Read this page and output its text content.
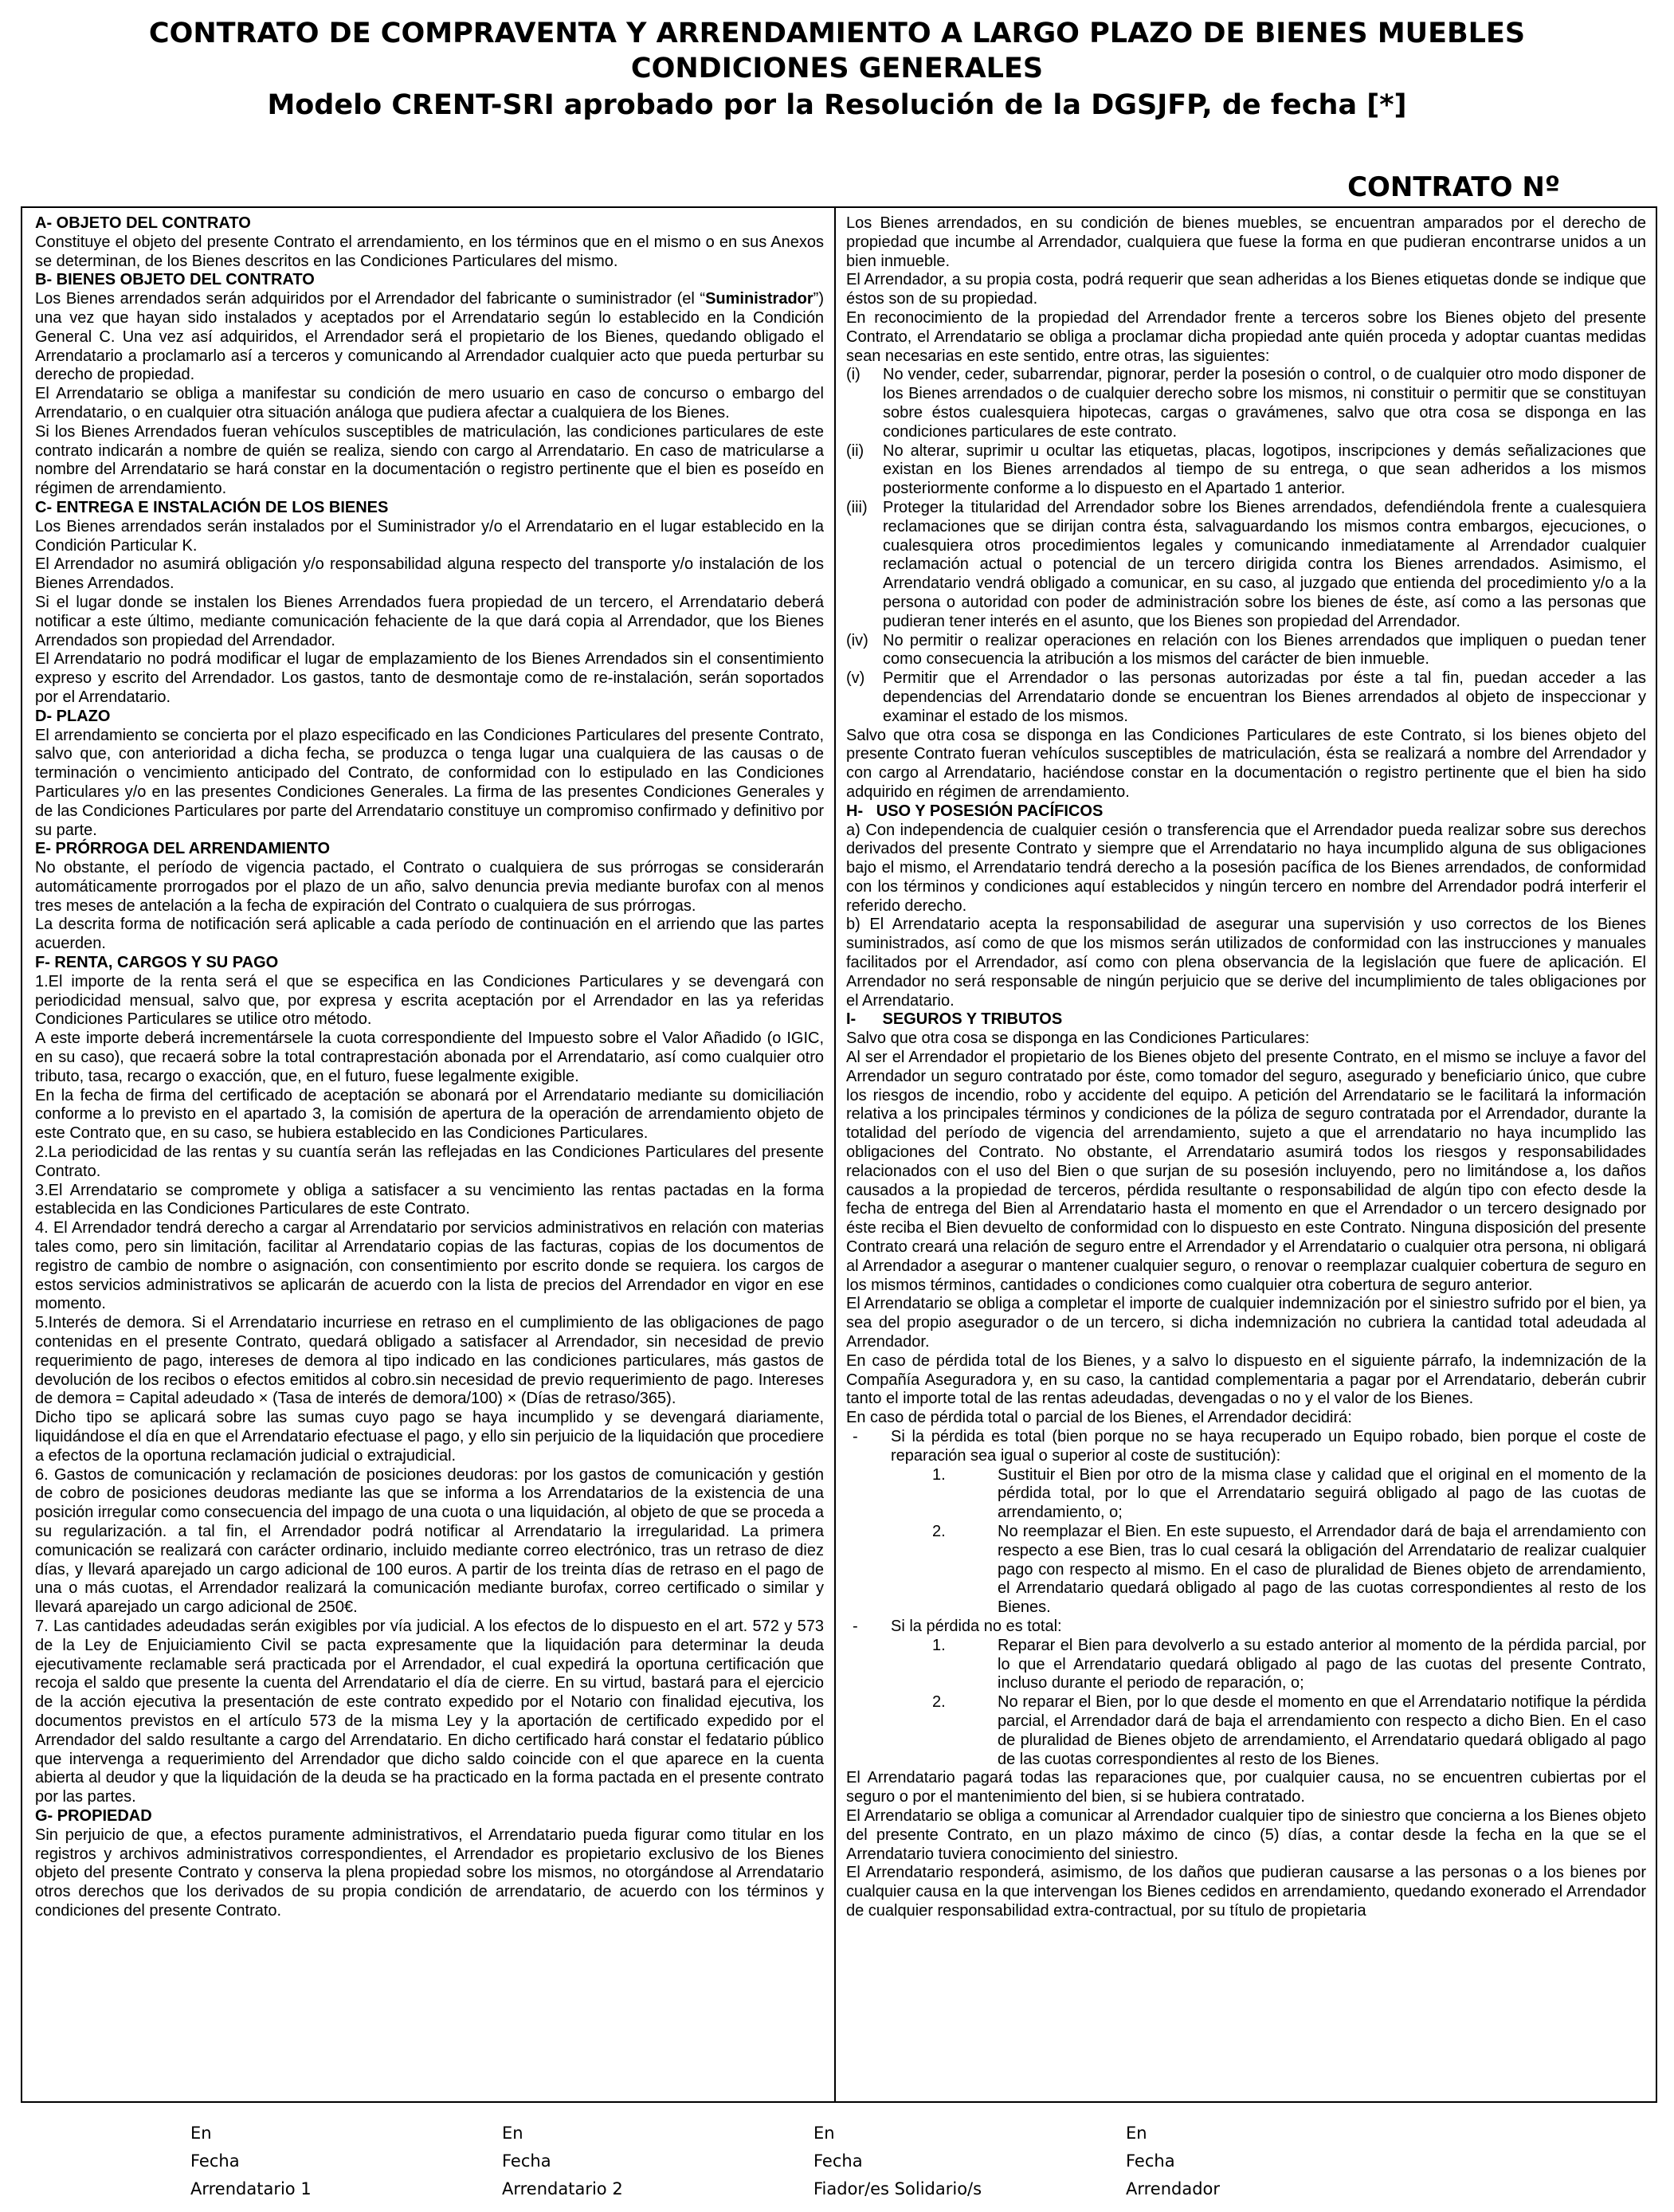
CONTRATO DE COMPRAVENTA Y ARRENDAMIENTO A LARGO PLAZO DE BIENES MUEBLES

CONDICIONES GENERALES

Modelo CRENT-SRI aprobado por la Resolución de la DGSJFP, de fecha [*]

CONTRATO Nº

A- OBJETO DEL CONTRATO

Constituye el objeto del presente Contrato el arrendamiento, en los términos que en el mismo o en sus Anexos se determinan, de los Bienes descritos en las Condiciones Particulares del mismo.

B- BIENES OBJETO DEL CONTRATO

Los Bienes arrendados serán adquiridos por el Arrendador del fabricante o suministrador (el “Suministrador”) una vez que hayan sido instalados y aceptados por el Arrendatario según lo establecido en la Condición General C. Una vez así adquiridos, el Arrendador será el propietario de los Bienes, quedando obligado el Arrendatario a proclamarlo así a terceros y comunicando al Arrendador cualquier acto que pueda perturbar su derecho de propiedad.

El Arrendatario se obliga a manifestar su condición de mero usuario en caso de concurso o embargo del Arrendatario, o en cualquier otra situación análoga que pudiera afectar a cualquiera de los Bienes.

Si los Bienes Arrendados fueran vehículos susceptibles de matriculación, las condiciones particulares de este contrato indicarán a nombre de quién se realiza, siendo con cargo al Arrendatario. En caso de matricularse a nombre del Arrendatario se hará constar en la documentación o registro pertinente que el bien es poseído en régimen de arrendamiento.

C- ENTREGA E INSTALACIÓN DE LOS BIENES

Los Bienes arrendados serán instalados por el Suministrador y/o el Arrendatario en el lugar establecido en la Condición Particular K.

El Arrendador no asumirá obligación y/o responsabilidad alguna respecto del transporte y/o instalación de los Bienes Arrendados.

Si el lugar donde se instalen los Bienes Arrendados fuera propiedad de un tercero, el Arrendatario deberá notificar a este último, mediante comunicación fehaciente de la que dará copia al Arrendador, que los Bienes Arrendados son propiedad del Arrendador.

El Arrendatario no podrá modificar el lugar de emplazamiento de los Bienes Arrendados sin el consentimiento expreso y escrito del Arrendador. Los gastos, tanto de desmontaje como de re-instalación, serán soportados por el Arrendatario.

D- PLAZO

El arrendamiento se concierta por el plazo especificado en las Condiciones Particulares del presente Contrato, salvo que, con anterioridad a dicha fecha, se produzca o tenga lugar una cualquiera de las causas o de terminación o vencimiento anticipado del Contrato, de conformidad con lo estipulado en las Condiciones Particulares y/o en las presentes Condiciones Generales. La firma de las presentes Condiciones Generales y de las Condiciones Particulares por parte del Arrendatario constituye un compromiso confirmado y definitivo por su parte.

E- PRÓRROGA DEL ARRENDAMIENTO

No obstante, el período de vigencia pactado, el Contrato o cualquiera de sus prórrogas se considerarán automáticamente prorrogados por el plazo de un año, salvo denuncia previa mediante burofax con al menos tres meses de antelación a la fecha de expiración del Contrato o cualquiera de sus prórrogas.

La descrita forma de notificación será aplicable a cada período de continuación en el arriendo que las partes acuerden.

F- RENTA, CARGOS Y SU PAGO

1.El importe de la renta será el que se especifica en las Condiciones Particulares y se devengará con periodicidad mensual, salvo que, por expresa y escrita aceptación por el Arrendador en las ya referidas Condiciones Particulares se utilice otro método.

A este importe deberá incrementársele la cuota correspondiente del Impuesto sobre el Valor Añadido (o IGIC, en su caso), que recaerá sobre la total contraprestación abonada por el Arrendatario, así como cualquier otro tributo, tasa, recargo o exacción, que, en el futuro, fuese legalmente exigible.

En la fecha de firma del certificado de aceptación se abonará por el Arrendatario mediante su domiciliación conforme a lo previsto en el apartado 3, la comisión de apertura de la operación de arrendamiento objeto de este Contrato que, en su caso, se hubiera establecido en las Condiciones Particulares.

2.La periodicidad de las rentas y su cuantía serán las reflejadas en las Condiciones Particulares del presente Contrato.

3.El Arrendatario se compromete y obliga a satisfacer a su vencimiento las rentas pactadas en la forma establecida en las Condiciones Particulares de este Contrato.

4. El Arrendador tendrá derecho a cargar al Arrendatario por servicios administrativos en relación con materias tales como, pero sin limitación, facilitar al Arrendatario copias de las facturas, copias de los documentos de registro de cambio de nombre o asignación, con consentimiento por escrito donde se requiera. los cargos de estos servicios administrativos se aplicarán de acuerdo con la lista de precios del Arrendador en vigor en ese momento.

5.Interés de demora. Si el Arrendatario incurriese en retraso en el cumplimiento de las obligaciones de pago contenidas en el presente Contrato, quedará obligado a satisfacer al Arrendador, sin necesidad de previo requerimiento de pago, intereses de demora al tipo indicado en las condiciones particulares, más gastos de devolución de los recibos o efectos emitidos al cobro.sin necesidad de previo requerimiento de pago. Intereses de demora = Capital adeudado × (Tasa de interés de demora/100) × (Días de retraso/365).

Dicho tipo se aplicará sobre las sumas cuyo pago se haya incumplido y se devengará diariamente, liquidándose el día en que el Arrendatario efectuase el pago, y ello sin perjuicio de la liquidación que procediere a efectos de la oportuna reclamación judicial o extrajudicial.

6. Gastos de comunicación y reclamación de posiciones deudoras: por los gastos de comunicación y gestión de cobro de posiciones deudoras mediante las que se informa a los Arrendatarios de la existencia de una posición irregular como consecuencia del impago de una cuota o una liquidación, al objeto de que se proceda a su regularización. a tal fin, el Arrendador podrá notificar al Arrendatario la irregularidad. La primera comunicación se realizará con carácter ordinario, incluido mediante correo electrónico, tras un retraso de diez días, y llevará aparejado un cargo adicional de 100 euros. A partir de los treinta días de retraso en el pago de una o más cuotas, el Arrendador realizará la comunicación mediante burofax, correo certificado o similar y llevará aparejado un cargo adicional de 250€.

7. Las cantidades adeudadas serán exigibles por vía judicial. A los efectos de lo dispuesto en el art. 572 y 573 de la Ley de Enjuiciamiento Civil se pacta expresamente que la liquidación para determinar la deuda ejecutivamente reclamable será practicada por el Arrendador, el cual expedirá la oportuna certificación que recoja el saldo que presente la cuenta del Arrendatario el día de cierre. En su virtud, bastará para el ejercicio de la acción ejecutiva la presentación de este contrato expedido por el Notario con finalidad ejecutiva, los documentos previstos en el artículo 573 de la misma Ley y la aportación de certificado expedido por el Arrendador del saldo resultante a cargo del Arrendatario. En dicho certificado hará constar el fedatario público que intervenga a requerimiento del Arrendador que dicho saldo coincide con el que aparece en la cuenta abierta al deudor y que la liquidación de la deuda se ha practicado en la forma pactada en el presente contrato por las partes.

G- PROPIEDAD

Sin perjuicio de que, a efectos puramente administrativos, el Arrendatario pueda figurar como titular en los registros y archivos administrativos correspondientes, el Arrendador es propietario exclusivo de los Bienes objeto del presente Contrato y conserva la plena propiedad sobre los mismos, no otorgándose al Arrendatario otros derechos que los derivados de su propia condición de arrendatario, de acuerdo con los términos y condiciones del presente Contrato.

Los Bienes arrendados, en su condición de bienes muebles, se encuentran amparados por el derecho de propiedad que incumbe al Arrendador, cualquiera que fuese la forma en que pudieran encontrarse unidos a un bien inmueble.

El Arrendador, a su propia costa, podrá requerir que sean adheridas a los Bienes etiquetas donde se indique que éstos son de su propiedad.

En reconocimiento de la propiedad del Arrendador frente a terceros sobre los Bienes objeto del presente Contrato, el Arrendatario se obliga a proclamar dicha propiedad ante quién proceda y adoptar cuantas medidas sean necesarias en este sentido, entre otras, las siguientes:

(i)	No vender, ceder, subarrendar, pignorar, perder la posesión o control, o de cualquier otro modo disponer de los Bienes arrendados o de cualquier derecho sobre los mismos, ni constituir o permitir que se constituyan sobre éstos cualesquiera hipotecas, cargas o gravámenes, salvo que otra cosa se disponga en las condiciones particulares de este contrato.
(ii)	No alterar, suprimir u ocultar las etiquetas, placas, logotipos, inscripciones y demás señalizaciones que existan en los Bienes arrendados al tiempo de su entrega, o que sean adheridos a los mismos posteriormente conforme a lo dispuesto en el Apartado 1 anterior.
(iii) Proteger la titularidad del Arrendador sobre los Bienes arrendados, defendiéndola frente a cualesquiera reclamaciones que se dirijan contra ésta, salvaguardando los mismos contra embargos, ejecuciones, o cualesquiera otros procedimientos legales y comunicando inmediatamente al Arrendador cualquier reclamación actual o potencial de un tercero dirigida contra los Bienes arrendados. Asimismo, el Arrendatario vendrá obligado a comunicar, en su caso, al juzgado que entienda del procedimiento y/o a la persona o autoridad con poder de administración sobre los bienes de éste, así como a las personas que pudieran tener interés en el asunto, que los Bienes son propiedad del Arrendador.
(iv) No permitir o realizar operaciones en relación con los Bienes arrendados que impliquen o puedan tener como consecuencia la atribución a los mismos del carácter de bien inmueble.
(v)	Permitir que el Arrendador o las personas autorizadas por éste a tal fin, puedan acceder a las dependencias del Arrendatario donde se encuentran los Bienes arrendados al objeto de inspeccionar y examinar el estado de los mismos.

Salvo que otra cosa se disponga en las Condiciones Particulares de este Contrato, si los bienes objeto del presente Contrato fueran vehículos susceptibles de matriculación, ésta se realizará a nombre del Arrendador y con cargo al Arrendatario, haciéndose constar en la documentación o registro pertinente que el bien ha sido adquirido en régimen de arrendamiento.

H-   USO Y POSESIÓN PACÍFICOS

a) Con independencia de cualquier cesión o transferencia que el Arrendador pueda realizar sobre sus derechos derivados del presente Contrato y siempre que el Arrendatario no haya incumplido alguna de sus obligaciones bajo el mismo, el Arrendatario tendrá derecho a la posesión pacífica de los Bienes arrendados, de conformidad con los términos y condiciones aquí establecidos y ningún tercero en nombre del Arrendador podrá interferir el referido derecho.

b) El Arrendatario acepta la responsabilidad de asegurar una supervisión y uso correctos de los Bienes suministrados, así como de que los mismos serán utilizados de conformidad con las instrucciones y manuales facilitados por el Arrendador, así como con plena observancia de la legislación que fuere de aplicación. El Arrendador no será responsable de ningún perjuicio que se derive del incumplimiento de tales obligaciones por el Arrendatario.

I-      SEGUROS Y TRIBUTOS

Salvo que otra cosa se disponga en las Condiciones Particulares:

Al ser el Arrendador el propietario de los Bienes objeto del presente Contrato, en el mismo se incluye a favor del Arrendador un seguro contratado por éste, como tomador del seguro, asegurado y beneficiario único, que cubre los riesgos de incendio, robo y accidente del equipo. A petición del Arrendatario se le facilitará la información relativa a los principales términos y condiciones de la póliza de seguro contratada por el Arrendador, durante la totalidad del período de vigencia del arrendamiento, sujeto a que el arrendatario no haya incumplido las obligaciones del Contrato. No obstante, el Arrendatario asumirá todos los riesgos y responsabilidades relacionados con el uso del Bien o que surjan de su posesión incluyendo, pero no limitándose a, los daños causados a la propiedad de terceros, pérdida resultante o responsabilidad de algún tipo con efecto desde la fecha de entrega del Bien al Arrendatario hasta el momento en que el Arrendador o un tercero designado por éste reciba el Bien devuelto de conformidad con lo dispuesto en este Contrato. Ninguna disposición del presente Contrato creará una relación de seguro entre el Arrendador y el Arrendatario o cualquier otra persona, ni obligará al Arrendador a asegurar o mantener cualquier seguro, o renovar o reemplazar cualquier cobertura de seguro en los mismos términos, cantidades o condiciones como cualquier otra cobertura de seguro anterior.

El Arrendatario se obliga a completar el importe de cualquier indemnización por el siniestro sufrido por el bien, ya sea del propio asegurador o de un tercero, si dicha indemnización no cubriera la cantidad total adeudada al Arrendador.

En caso de pérdida total de los Bienes, y a salvo lo dispuesto en el siguiente párrafo, la indemnización de la Compañía Aseguradora y, en su caso, la cantidad complementaria a pagar por el Arrendatario, deberán cubrir tanto el importe total de las rentas adeudadas, devengadas o no y el valor de los Bienes.

En caso de pérdida total o parcial de los Bienes, el Arrendador decidirá:

-	Si la pérdida es total (bien porque no se haya recuperado un Equipo robado, bien porque el coste de reparación sea igual o superior al coste de sustitución):
1.	Sustituir el Bien por otro de la misma clase y calidad que el original en el momento de la pérdida total, por lo que el Arrendatario seguirá obligado al pago de las cuotas de arrendamiento, o;
2.	No reemplazar el Bien. En este supuesto, el Arrendador dará de baja el arrendamiento con respecto a ese Bien, tras lo cual cesará la obligación del Arrendatario de realizar cualquier pago con respecto al mismo. En el caso de pluralidad de Bienes objeto de arrendamiento, el Arrendatario quedará obligado al pago de las cuotas correspondientes al resto de los Bienes.
-	Si la pérdida no es total:
1.	Reparar el Bien para devolverlo a su estado anterior al momento de la pérdida parcial, por lo que el Arrendatario quedará obligado al pago de las cuotas del presente Contrato, incluso durante el periodo de reparación, o;
2.	No reparar el Bien, por lo que desde el momento en que el Arrendatario notifique la pérdida parcial, el Arrendador dará de baja el arrendamiento con respecto a dicho Bien. En el caso de pluralidad de Bienes objeto de arrendamiento, el Arrendatario quedará obligado al pago de las cuotas correspondientes al resto de los Bienes.

El Arrendatario pagará todas las reparaciones que, por cualquier causa, no se encuentren cubiertas por el seguro o por el mantenimiento del bien, si se hubiera contratado.

El Arrendatario se obliga a comunicar al Arrendador cualquier tipo de siniestro que concierna a los Bienes objeto del presente Contrato, en un plazo máximo de cinco (5) días, a contar desde la fecha en la que se el Arrendatario tuviera conocimiento del siniestro.

El Arrendatario responderá, asimismo, de los daños que pudieran causarse a las personas o a los bienes por cualquier causa en la que intervengan los Bienes cedidos en arrendamiento, quedando exonerado el Arrendador de cualquier responsabilidad extra-contractual, por su título de propietaria

En

Fecha

Arrendatario 1

En

Fecha

Arrendatario 2

En

Fecha

Fiador/es Solidario/s

En

Fecha

Arrendador
